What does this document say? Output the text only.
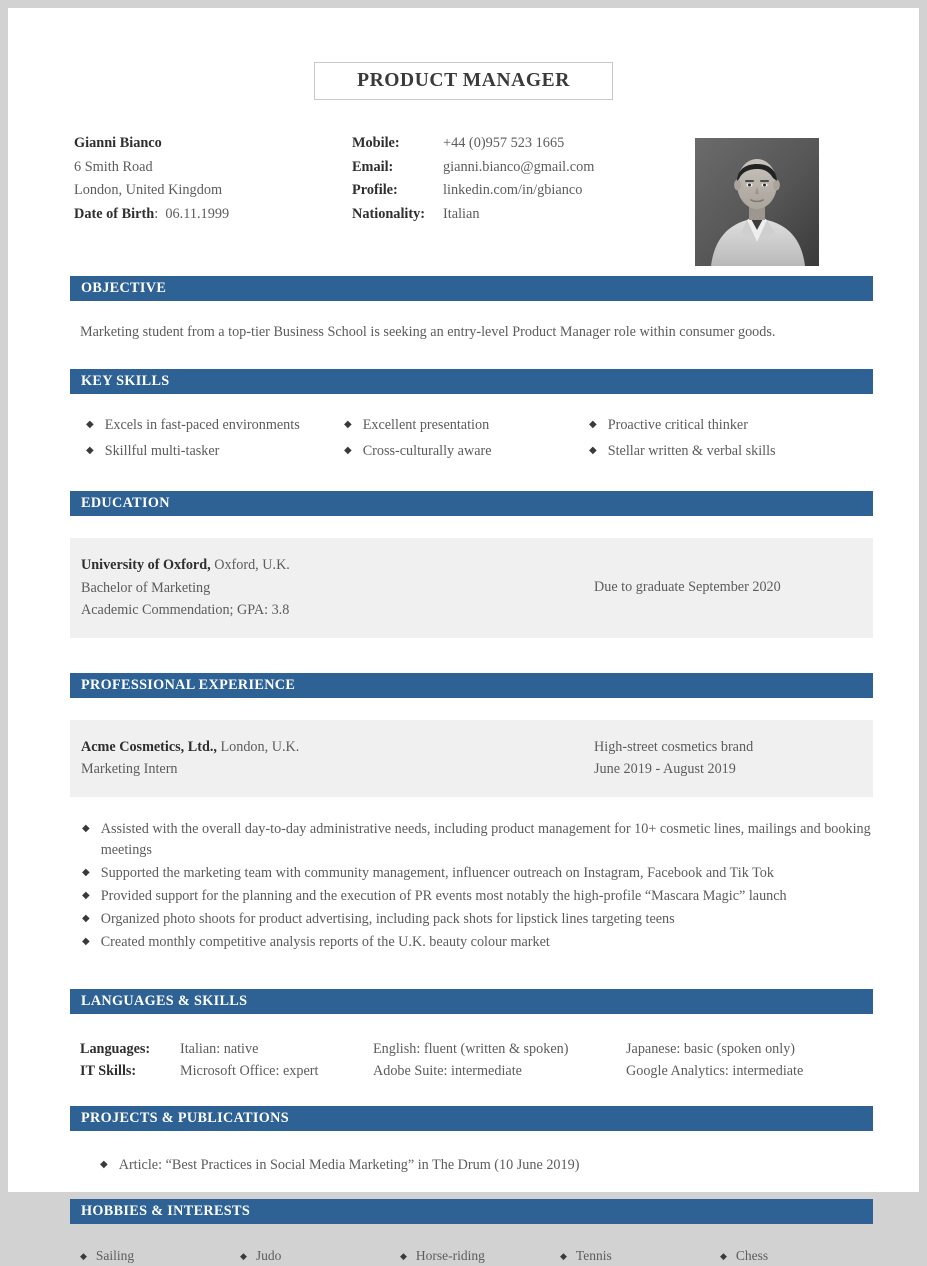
PRODUCT MANAGER
Gianni Bianco
6 Smith Road
London, United Kingdom
Date of Birth:  06.11.1999
Mobile:	+44 (0)957 523 1665
Email:	gianni.bianco@gmail.com
Profile:	linkedin.com/in/gbianco
Nationality:	Italian
OBJECTIVE
Marketing student from a top-tier Business School is seeking an entry-level Product Manager role within consumer goods.
KEY SKILLS
◆ Excels in fast-paced environments	◆ Excellent presentation	◆ Proactive critical thinker
◆ Skillful multi-tasker	◆ Cross-culturally aware	◆ Stellar written & verbal skills
EDUCATION
University of Oxford, Oxford, U.K.
Bachelor of Marketing
Academic Commendation; GPA: 3.8
Due to graduate September 2020
PROFESSIONAL EXPERIENCE
Acme Cosmetics, Ltd., London, U.K.
Marketing Intern
High-street cosmetics brand
June 2019 - August 2019
◆ Assisted with the overall day-to-day administrative needs, including product management for 10+ cosmetic lines, mailings and booking meetings
◆ Supported the marketing team with community management, influencer outreach on Instagram, Facebook and Tik Tok
◆ Provided support for the planning and the execution of PR events most notably the high-profile “Mascara Magic” launch
◆ Organized photo shoots for product advertising, including pack shots for lipstick lines targeting teens
◆ Created monthly competitive analysis reports of the U.K. beauty colour market
LANGUAGES & SKILLS
Languages:	Italian: native	English: fluent (written & spoken)	Japanese: basic (spoken only)
IT Skills:	Microsoft Office: expert	Adobe Suite: intermediate	Google Analytics: intermediate
PROJECTS & PUBLICATIONS
◆ Article: “Best Practices in Social Media Marketing” in The Drum (10 June 2019)
HOBBIES & INTERESTS
◆ Sailing	◆ Judo	◆ Horse-riding	◆ Tennis	◆ Chess
